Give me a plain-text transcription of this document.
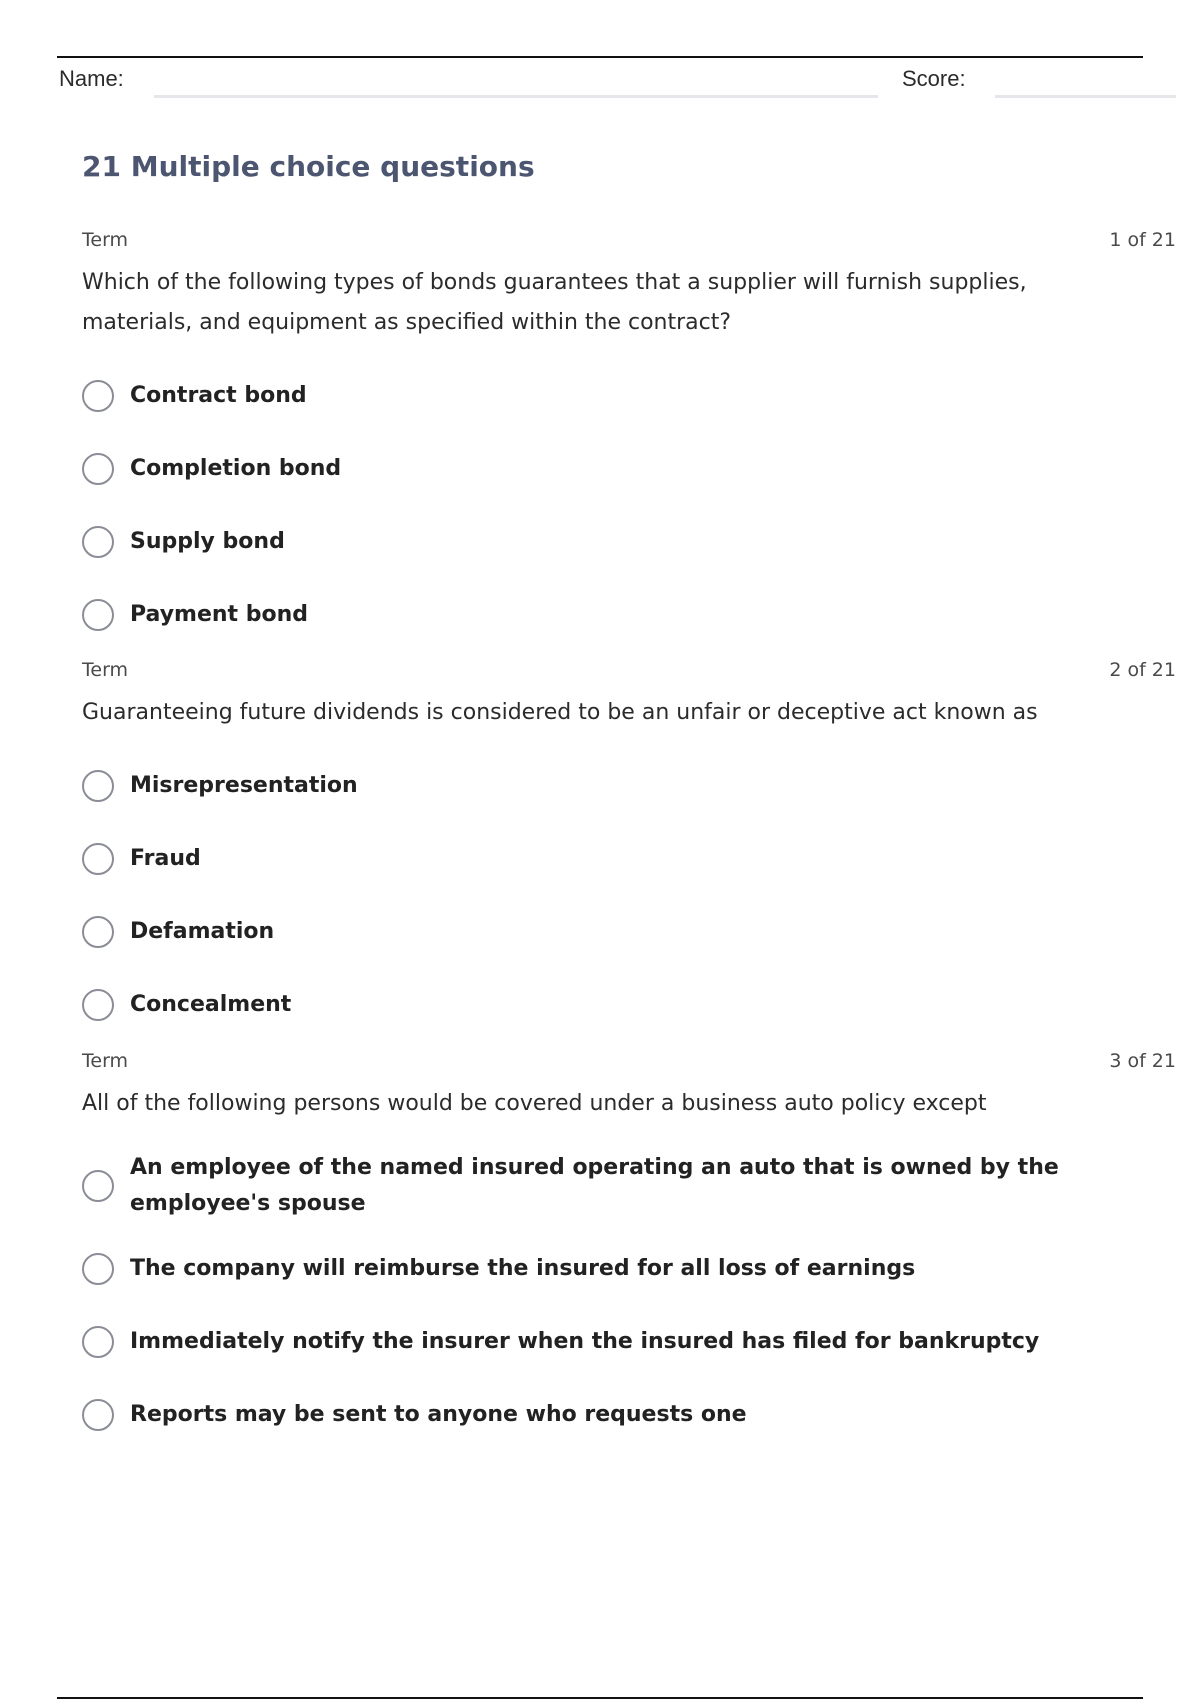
Name:	Score:
21 Multiple choice questions
Term	1 of 21
Which of the following types of bonds guarantees that a supplier will furnish supplies, materials, and equipment as specified within the contract?
Contract bond
Completion bond
Supply bond
Payment bond
Term	2 of 21
Guaranteeing future dividends is considered to be an unfair or deceptive act known as
Misrepresentation
Fraud
Defamation
Concealment
Term	3 of 21
All of the following persons would be covered under a business auto policy except
An employee of the named insured operating an auto that is owned by the employee's spouse
The company will reimburse the insured for all loss of earnings
Immediately notify the insurer when the insured has filed for bankruptcy
Reports may be sent to anyone who requests one
